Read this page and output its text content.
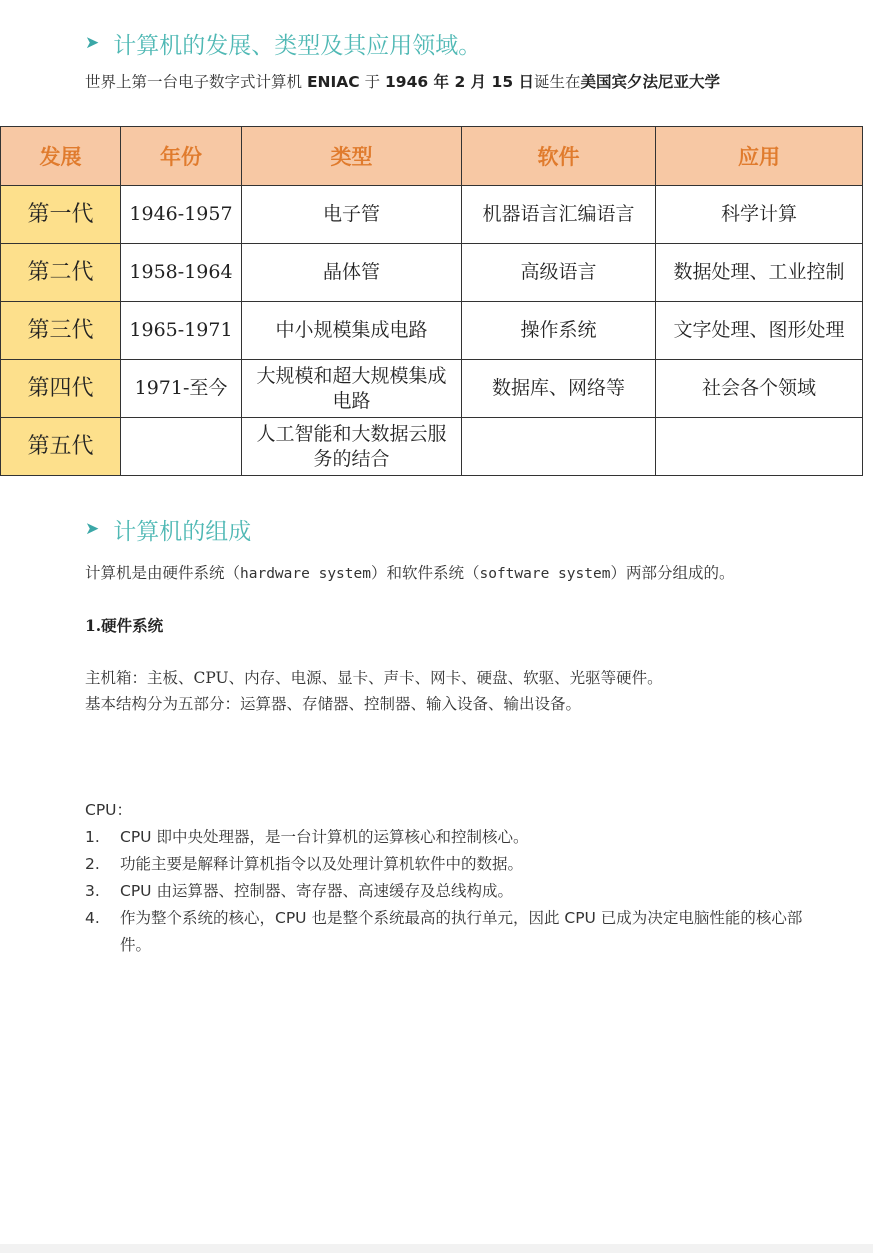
➤ 计算机的发展、类型及其应用领域。
世界上第一台电子数字式计算机 ENIAC 于 1946 年 2 月 15 日诞生在美国宾夕法尼亚大学
发展	年份	类型	软件	应用
第一代	1946-1957	电子管	机器语言汇编语言	科学计算
第二代	1958-1964	晶体管	高级语言	数据处理、工业控制
第三代	1965-1971	中小规模集成电路	操作系统	文字处理、图形处理
第四代	1971-至今	大规模和超大规模集成电路	数据库、网络等	社会各个领域
第五代		人工智能和大数据云服务的结合		
➤ 计算机的组成
计算机是由硬件系统（hardware system）和软件系统（software system）两部分组成的。
1.硬件系统
主机箱：主板、CPU、内存、电源、显卡、声卡、网卡、硬盘、软驱、光驱等硬件。
基本结构分为五部分：运算器、存储器、控制器、输入设备、输出设备。
CPU：
1. CPU 即中央处理器，是一台计算机的运算核心和控制核心。
2. 功能主要是解释计算机指令以及处理计算机软件中的数据。
3. CPU 由运算器、控制器、寄存器、高速缓存及总线构成。
4. 作为整个系统的核心，CPU 也是整个系统最高的执行单元，因此 CPU 已成为决定电脑性能的核心部件。
